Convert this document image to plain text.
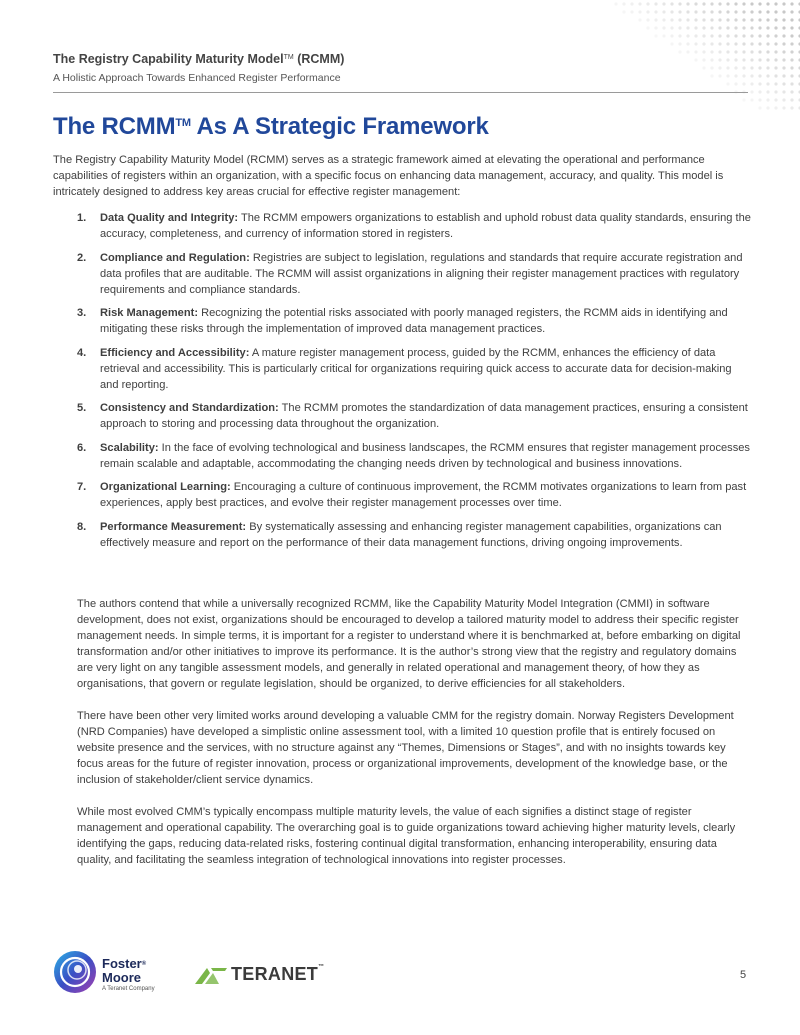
The Registry Capability Maturity Model™ (RCMM)
A Holistic Approach Towards Enhanced Register Performance
The RCMM™ As A Strategic Framework

The Registry Capability Maturity Model (RCMM) serves as a strategic framework aimed at elevating the operational and performance capabilities of registers within an organization, with a specific focus on enhancing data management, accuracy, and quality. This model is intricately designed to address key areas crucial for effective register management:

1. Data Quality and Integrity: The RCMM empowers organizations to establish and uphold robust data quality standards, ensuring the accuracy, completeness, and currency of information stored in registers.
2. Compliance and Regulation: Registries are subject to legislation, regulations and standards that require accurate registration and data profiles that are auditable. The RCMM will assist organizations in aligning their register management practices with regulatory requirements and compliance standards.
3. Risk Management: Recognizing the potential risks associated with poorly managed registers, the RCMM aids in identifying and mitigating these risks through the implementation of improved data management practices.
4. Efficiency and Accessibility: A mature register management process, guided by the RCMM, enhances the efficiency of data retrieval and accessibility. This is particularly critical for organizations requiring quick access to accurate data for decision-making and reporting.
5. Consistency and Standardization: The RCMM promotes the standardization of data management practices, ensuring a consistent approach to storing and processing data throughout the organization.
6. Scalability: In the face of evolving technological and business landscapes, the RCMM ensures that register management processes remain scalable and adaptable, accommodating the changing needs driven by technological and business innovations.
7. Organizational Learning: Encouraging a culture of continuous improvement, the RCMM motivates organizations to learn from past experiences, apply best practices, and evolve their register management processes over time.
8. Performance Measurement: By systematically assessing and enhancing register management capabilities, organizations can effectively measure and report on the performance of their data management functions, driving ongoing improvements.

The authors contend that while a universally recognized RCMM, like the Capability Maturity Model Integration (CMMI) in software development, does not exist, organizations should be encouraged to develop a tailored maturity model to address their specific register management needs. In simple terms, it is important for a register to understand where it is benchmarked at, before embarking on digital transformation and/or other initiatives to improve its performance. It is the author’s strong view that the registry and regulatory domains are very light on any tangible assessment models, and generally in related operational and management theory, of how they as organisations, that govern or regulate legislation, should be organized, to derive efficiencies for all stakeholders.

There have been other very limited works around developing a valuable CMM for the registry domain. Norway Registers Development (NRD Companies) have developed a simplistic online assessment tool, with a limited 10 question profile that is entirely focused on website presence and the services, with no structure against any “Themes, Dimensions or Stages”, and with no insights towards key focus areas for the future of register innovation, process or organizational improvements, development of the knowledge base, or the inclusion of stakeholder/client service dynamics.

While most evolved CMM’s typically encompass multiple maturity levels, the value of each signifies a distinct stage of register management and operational capability. The overarching goal is to guide organizations toward achieving higher maturity levels, clearly identifying the gaps, reducing data-related risks, fostering continual digital transformation, enhancing interoperability, ensuring data quality, and facilitating the seamless integration of technological innovations into register processes.

Foster®
Moore
A Teranet Company
TERANET™
5
